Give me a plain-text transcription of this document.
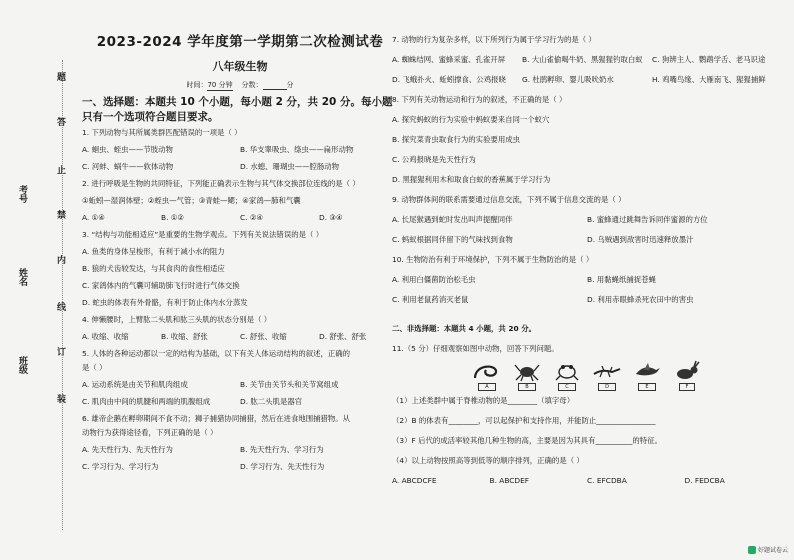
题
答
止
禁
内
线
订
装
考号
姓名
班级
2023-2024 学年度第一学期第二次检测试卷
八年级生物
时间：70 分钟 分数：	分
一、选择题：本题共 10 个小题，每小题 2 分，共 20 分。每小题只有一个选项符合题目要求。
1. 下列动物与其所属类群匹配错误的一项是（ ）
A. 蛔虫、蛭虫——节肢动物	B. 华支睾吸虫、绦虫——扁形动物
C. 河蚌、蜗牛——软体动物	D. 水螅、珊瑚虫——腔肠动物
2. 进行呼吸是生物的共同特征，下列能正确表示生物与其气体交换部位连线的是（ ）
①蚯蚓—湿润体壁；②蛭虫—气管；③青蛙—鳃；④家鸽—肺和气囊
A. ①④	B. ①②	C. ②④	D. ③④
3. “结构与功能相适应”是重要的生物学观点。下列有关说法错误的是（ ）
A. 鱼类的身体呈梭形，有利于减小水的阻力
B. 狼的犬齿较发达，与其食肉的食性相适应
C. 家鸽体内的气囊可辅助肺飞行时进行气体交换
D. 蛇虫的体表有外骨骼，有利于防止体内水分蒸发
4. 伸懒腰时，上臂肱二头肌和肱三头肌的状态分别是（ ）
A. 收缩、收缩	B. 收缩、舒张	C. 舒张、收缩	D. 舒张、舒张
5. 人体的各种运动都以一定的结构为基础，以下有关人体运动结构的叙述，正确的
是（ ）
A. 运动系统是由关节和肌肉组成	B. 关节由关节头和关节窝组成
C. 肌肉由中间的肌腱和两端的肌腹组成	D. 肱二头肌是器官
6. 雄帝企鹅在孵卵期间不食不动；狮子捕猎协同捕猎，然后在进食地围捕猎物。从
动物行为获得途径看，下列正确的是（ ）
A. 先天性行为、先天性行为	B. 先天性行为、学习行为
C. 学习行为、学习行为	D. 学习行为、先天性行为
7. 动物的行为复杂多样，以下所列行为属于学习行为的是（ ）
A. 蜘蛛结网、蜜蜂采蜜、孔雀开屏	B. 大山雀偷喝牛奶、黑猩猩钓取白蚁	C. 狗辨主人、鹦鹉学舌、老马识途
D. 飞蛾扑火、蚯蚓撑食、公鸡报晓	G. 杜鹃孵卵、婴儿吸吮奶水	H. 鸡嘴鸟缘、大雁南飞、猩猩捕鲜
8. 下列有关动物运动和行为的叙述，不正确的是（ ）
A. 探究蚂蚁的行为实验中蚂蚁要来自同一个蚁穴
B. 探究菜青虫取食行为的实验要用成虫
C. 公鸡报晓是先天性行为
D. 黑猩猩利用木和取食白蚁的香蕉属于学习行为
9. 动物群体间的联系需要通过信息交流，下列不属于信息交流的是（ ）
A. 长尾猴遇到蛇时发出叫声提醒同伴	B. 蜜蜂通过跳舞告诉同伴蜜源的方位
C. 蚂蚁根据同伴留下的气味找到食物	D. 乌贼遇到敌害时迅速释放墨汁
10. 生物防治有利于环境保护，下列不属于生物防治的是（ ）
A. 利用白僵菌防治松毛虫	B. 用黏蝇纸捕捉苍蝇
C. 利用老鼠药消灭老鼠	D. 利用赤眼蜂杀死农田中的害虫
二、非选择题：本题共 4 小题，共 20 分。
11.（5 分）仔细观察如图中动物，回答下列问题。
A	B	C	D	E	F
（1）上述类群中属于脊椎动物的是________（填字母）
（2）B 的体表有________，可以起保护和支持作用，并能防止________________
（3）F 后代的成活率较其他几种生物的高，主要是因为其具有__________的特征。
（4）以上动物按照高等到低等的顺序排列，正确的是（ ）
A. ABCDCFE	B. ABCDEF	C. EFCDBA	D. FEDCBA
好题试卷云
